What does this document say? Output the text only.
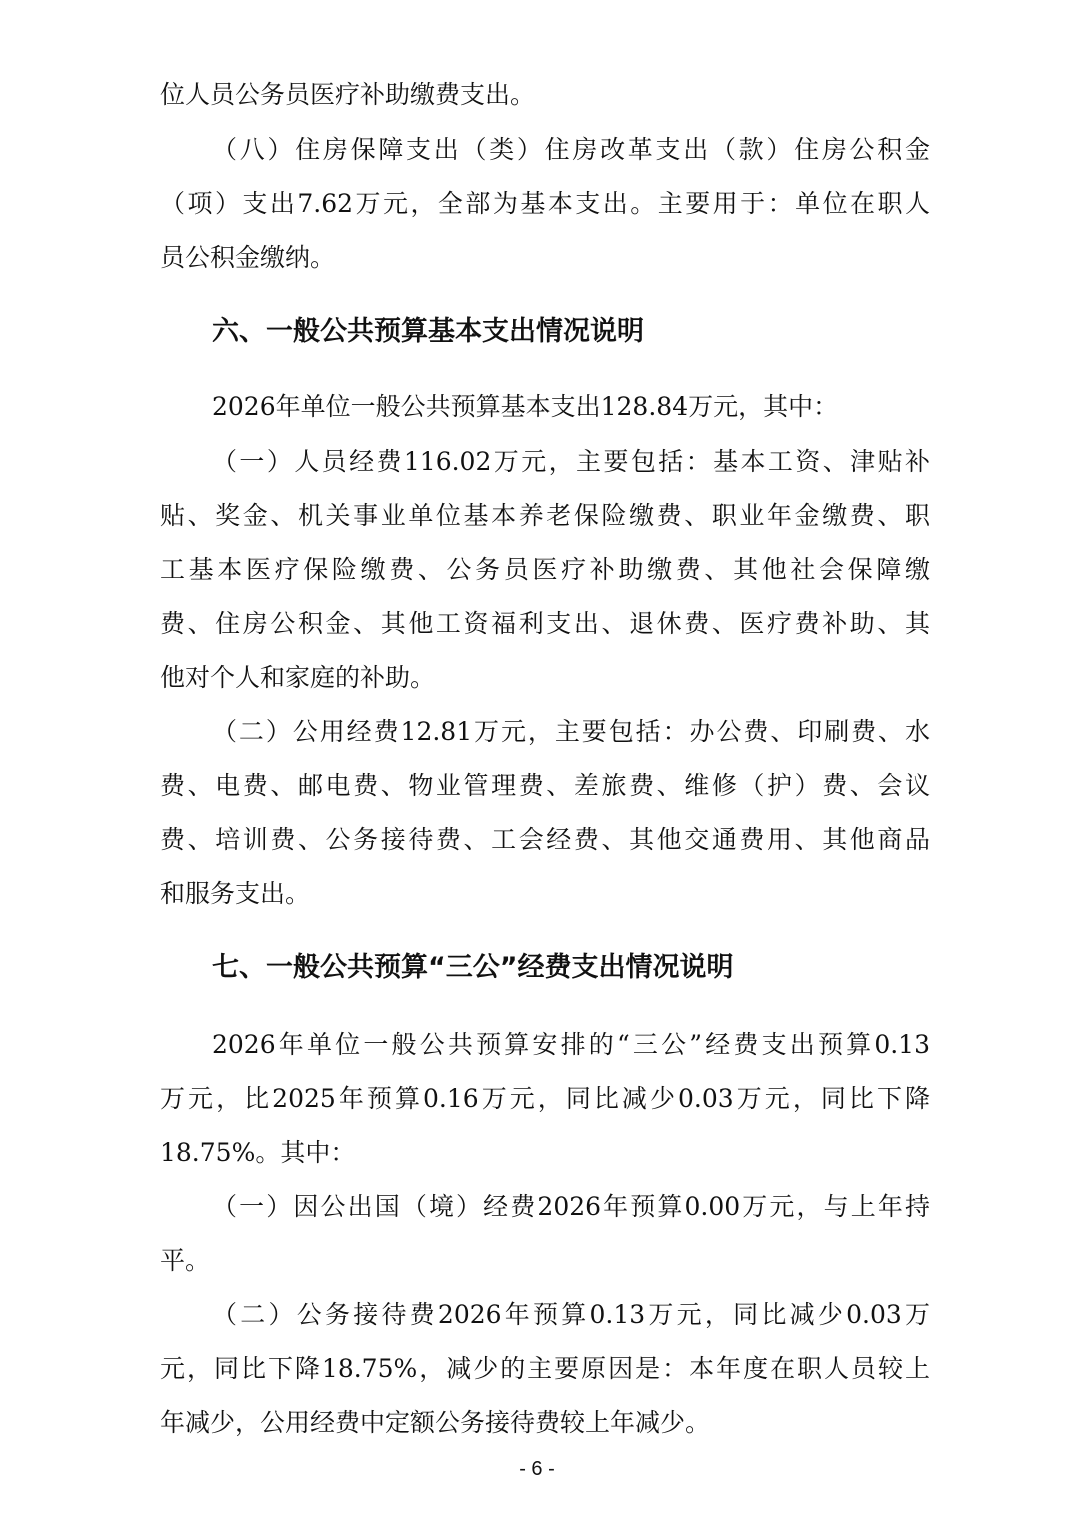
位人员公务员医疗补助缴费支出。
（八）住房保障支出（类）住房改革支出（款）住房公积金
（项）支出7.62万元，全部为基本支出。主要用于：单位在职人
员公积金缴纳。
六、一般公共预算基本支出情况说明
2026年单位一般公共预算基本支出128.84万元，其中：
（一）人员经费116.02万元，主要包括：基本工资、津贴补
贴、奖金、机关事业单位基本养老保险缴费、职业年金缴费、职
工基本医疗保险缴费、公务员医疗补助缴费、其他社会保障缴
费、住房公积金、其他工资福利支出、退休费、医疗费补助、其
他对个人和家庭的补助。
（二）公用经费12.81万元，主要包括：办公费、印刷费、水
费、电费、邮电费、物业管理费、差旅费、维修（护）费、会议
费、培训费、公务接待费、工会经费、其他交通费用、其他商品
和服务支出。
七、一般公共预算“三公”经费支出情况说明
2026年单位一般公共预算安排的“三公”经费支出预算0.13
万元，比2025年预算0.16万元，同比减少0.03万元，同比下降
18.75%。其中：
（一）因公出国（境）经费2026年预算0.00万元，与上年持
平。
（二）公务接待费2026年预算0.13万元，同比减少0.03万
元，同比下降18.75%，减少的主要原因是：本年度在职人员较上
年减少，公用经费中定额公务接待费较上年减少。
- 6 -
